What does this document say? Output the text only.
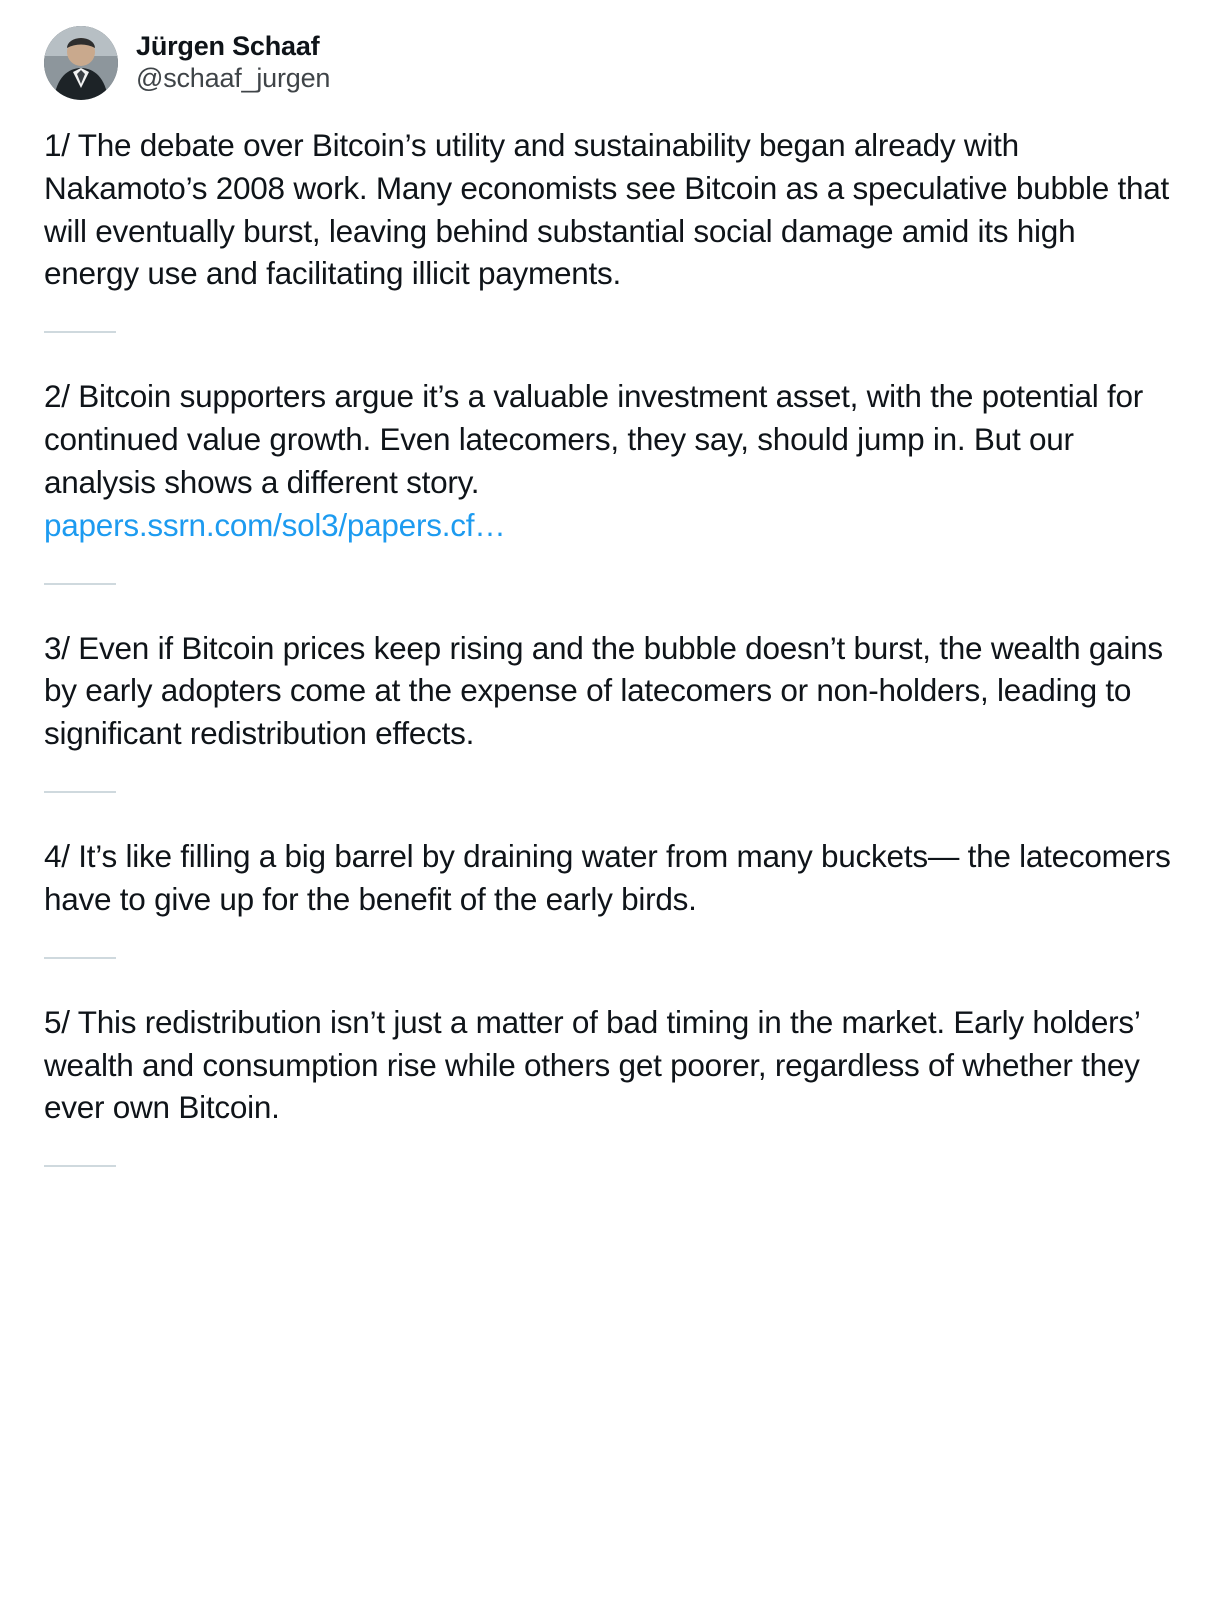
Jürgen Schaaf
@schaaf_jurgen
1/ The debate over Bitcoin’s utility and sustainability began already with Nakamoto’s 2008 work. Many economists see Bitcoin as a speculative bubble that will eventually burst, leaving behind substantial social damage amid its high energy use and facilitating illicit payments.
2/ Bitcoin supporters argue it’s a valuable investment asset, with the potential for continued value growth. Even latecomers, they say, should jump in. But our analysis shows a different story.
papers.ssrn.com/sol3/papers.cf…
3/ Even if Bitcoin prices keep rising and the bubble doesn’t burst, the wealth gains by early adopters come at the expense of latecomers or non-holders, leading to significant redistribution effects.
4/ It’s like filling a big barrel by draining water from many buckets— the latecomers have to give up for the benefit of the early birds.
5/ This redistribution isn’t just a matter of bad timing in the market. Early holders’ wealth and consumption rise while others get poorer, regardless of whether they ever own Bitcoin.
